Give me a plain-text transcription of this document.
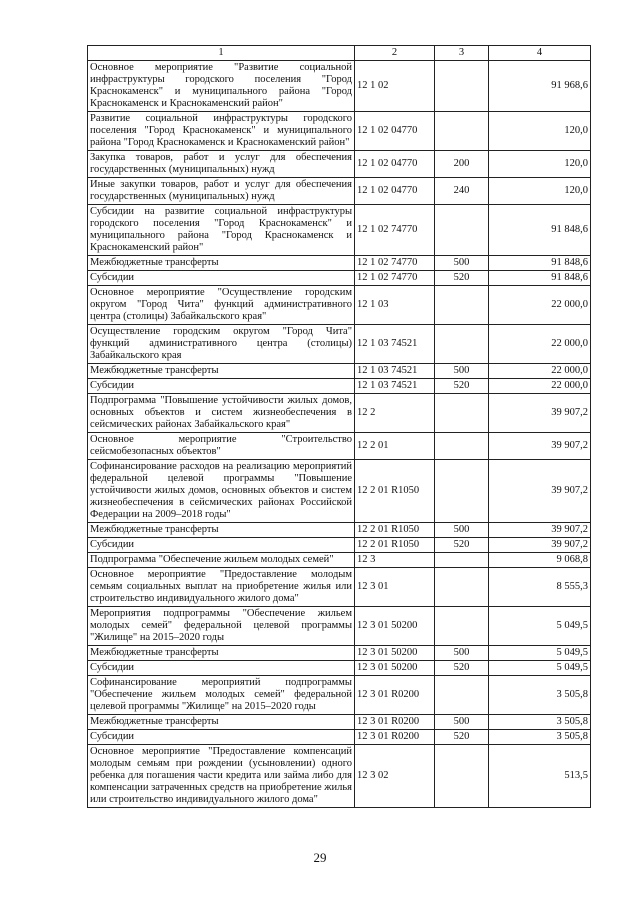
1	2	3	4
Основное мероприятие "Развитие социальной инфраструктуры городского поселения "Город Краснокаменск" и муниципального района "Город Краснокаменск и Краснокаменский район"	12 1 02		91 968,6
Развитие социальной инфраструктуры городского поселения "Город Краснокаменск" и муниципального района "Город Краснокаменск и Краснокаменский район"	12 1 02 04770		120,0
Закупка товаров, работ и услуг для обеспечения государственных (муниципальных) нужд	12 1 02 04770	200	120,0
Иные закупки товаров, работ и услуг для обеспечения государственных (муниципальных) нужд	12 1 02 04770	240	120,0
Субсидии на развитие социальной инфраструктуры городского поселения "Город Краснокаменск" и муниципального района "Город Краснокаменск и Краснокаменский район"	12 1 02 74770		91 848,6
Межбюджетные трансферты	12 1 02 74770	500	91 848,6
Субсидии	12 1 02 74770	520	91 848,6
Основное мероприятие "Осуществление городским округом "Город Чита" функций административного центра (столицы) Забайкальского края"	12 1 03		22 000,0
Осуществление городским округом "Город Чита" функций административного центра (столицы) Забайкальского края	12 1 03 74521		22 000,0
Межбюджетные трансферты	12 1 03 74521	500	22 000,0
Субсидии	12 1 03 74521	520	22 000,0
Подпрограмма "Повышение устойчивости жилых домов, основных объектов и систем жизнеобеспечения в сейсмических районах Забайкальского края"	12 2		39 907,2
Основное мероприятие "Строительство сейсмобезопасных объектов"	12 2 01		39 907,2
Софинансирование расходов на реализацию мероприятий федеральной целевой программы "Повышение устойчивости жилых домов, основных объектов и систем жизнеобеспечения в сейсмических районах Российской Федерации на 2009–2018 годы"	12 2 01 R1050		39 907,2
Межбюджетные трансферты	12 2 01 R1050	500	39 907,2
Субсидии	12 2 01 R1050	520	39 907,2
Подпрограмма "Обеспечение жильем молодых семей"	12 3		9 068,8
Основное мероприятие "Предоставление молодым семьям социальных выплат на приобретение жилья или строительство индивидуального жилого дома"	12 3 01		8 555,3
Мероприятия подпрограммы "Обеспечение жильем молодых семей" федеральной целевой программы "Жилище" на 2015–2020 годы	12 3 01 50200		5 049,5
Межбюджетные трансферты	12 3 01 50200	500	5 049,5
Субсидии	12 3 01 50200	520	5 049,5
Софинансирование мероприятий подпрограммы "Обеспечение жильем молодых семей" федеральной целевой программы "Жилище" на 2015–2020 годы	12 3 01 R0200		3 505,8
Межбюджетные трансферты	12 3 01 R0200	500	3 505,8
Субсидии	12 3 01 R0200	520	3 505,8
Основное мероприятие "Предоставление компенсаций молодым семьям при рождении (усыновлении) одного ребенка для погашения части кредита или займа либо для компенсации затраченных средств на приобретение жилья или строительство индивидуального жилого дома"	12 3 02		513,5
29
